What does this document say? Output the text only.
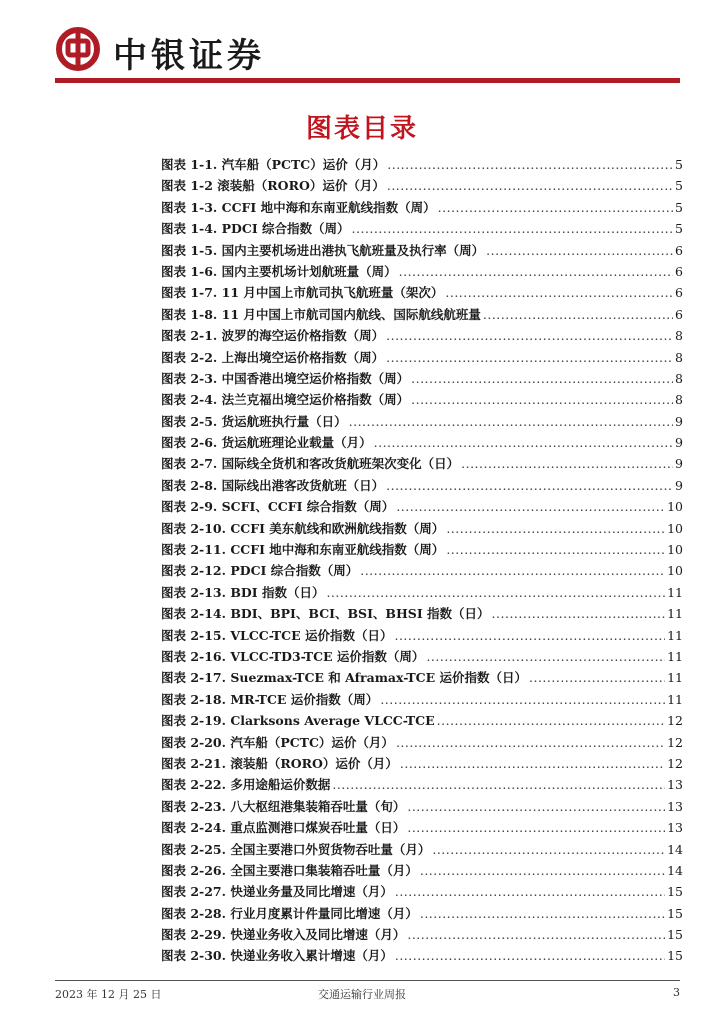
中银证券
图表目录
图表 1-1. 汽车船（PCTC）运价（月） .....	5
图表 1-2 滚装船（RORO）运价（月） .....	5
图表 1-3. CCFI 地中海和东南亚航线指数（周） .....	5
图表 1-4. PDCI 综合指数（周） .....	5
图表 1-5. 国内主要机场进出港执飞航班量及执行率（周） .....	6
图表 1-6. 国内主要机场计划航班量（周） .....	6
图表 1-7. 11 月中国上市航司执飞航班量（架次） .....	6
图表 1-8. 11 月中国上市航司国内航线、国际航线航班量 .....	6
图表 2-1. 波罗的海空运价格指数（周） .....	8
图表 2-2. 上海出境空运价格指数（周） .....	8
图表 2-3. 中国香港出境空运价格指数（周） .....	8
图表 2-4. 法兰克福出境空运价格指数（周） .....	8
图表 2-5. 货运航班执行量（日） .....	9
图表 2-6. 货运航班理论业载量（月） .....	9
图表 2-7. 国际线全货机和客改货航班架次变化（日） .....	9
图表 2-8. 国际线出港客改货航班（日） .....	9
图表 2-9. SCFI、CCFI 综合指数（周） .....	10
图表 2-10. CCFI 美东航线和欧洲航线指数（周） .....	10
图表 2-11. CCFI 地中海和东南亚航线指数（周） .....	10
图表 2-12. PDCI 综合指数（周） .....	10
图表 2-13. BDI 指数（日） .....	11
图表 2-14. BDI、BPI、BCI、BSI、BHSI 指数（日） .....	11
图表 2-15. VLCC-TCE 运价指数（日） .....	11
图表 2-16. VLCC-TD3-TCE 运价指数（周） .....	11
图表 2-17. Suezmax-TCE 和 Aframax-TCE 运价指数（日） .....	11
图表 2-18. MR-TCE 运价指数（周） .....	11
图表 2-19. Clarksons Average VLCC-TCE .....	12
图表 2-20. 汽车船（PCTC）运价（月） .....	12
图表 2-21. 滚装船（RORO）运价（月） .....	12
图表 2-22. 多用途船运价数据 .....	13
图表 2-23. 八大枢纽港集装箱吞吐量（旬） .....	13
图表 2-24. 重点监测港口煤炭吞吐量（日） .....	13
图表 2-25. 全国主要港口外贸货物吞吐量（月） .....	14
图表 2-26. 全国主要港口集装箱吞吐量（月） .....	14
图表 2-27. 快递业务量及同比增速（月） .....	15
图表 2-28. 行业月度累计件量同比增速（月） .....	15
图表 2-29. 快递业务收入及同比增速（月） .....	15
图表 2-30. 快递业务收入累计增速（月） .....	15
2023 年 12 月 25 日	交通运输行业周报	3
